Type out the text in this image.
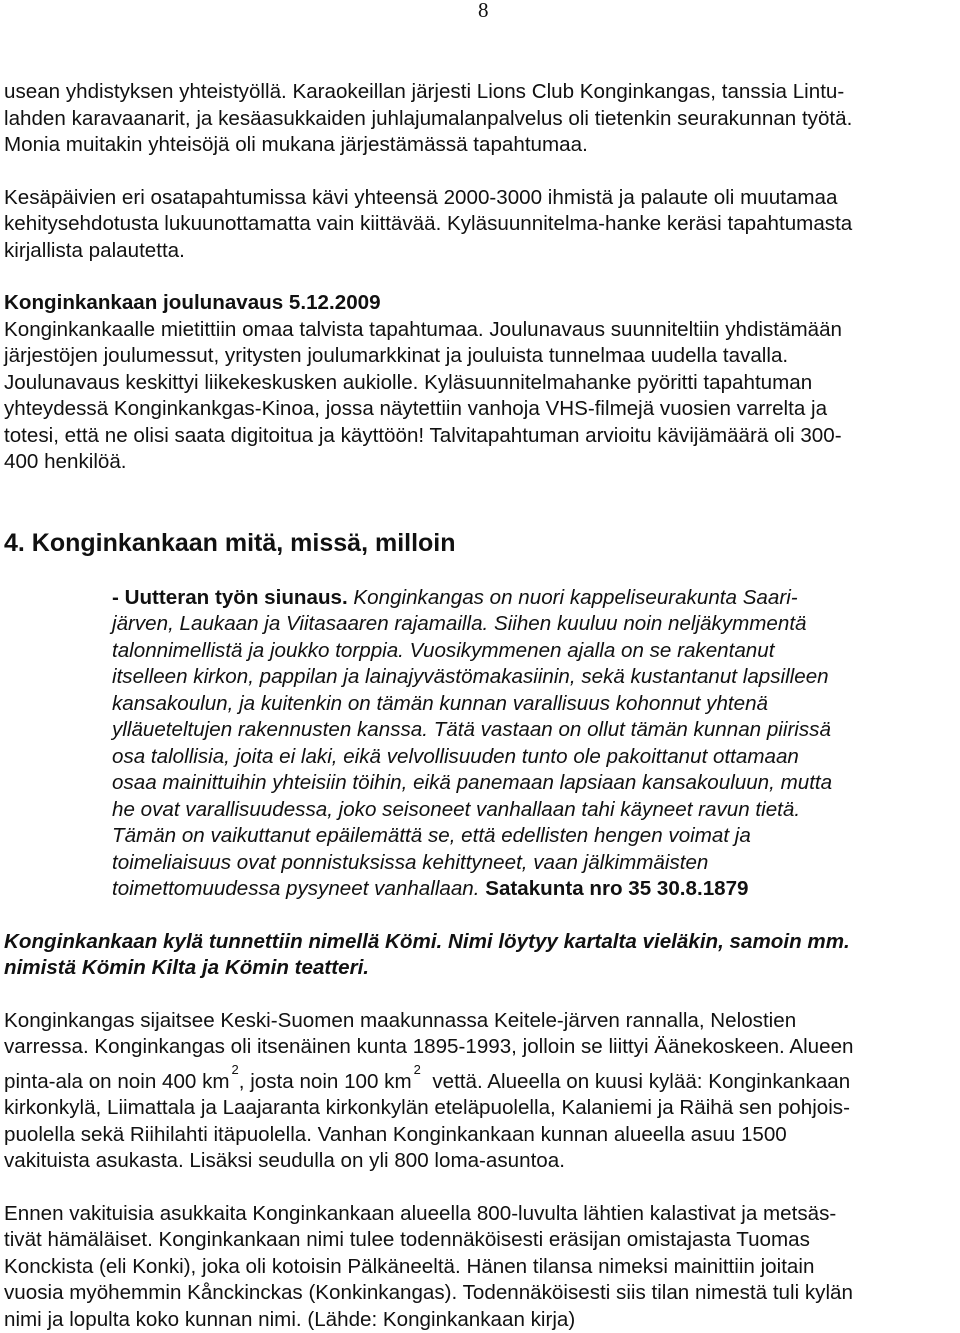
8

usean yhdistyksen yhteistyöllä. Karaokeillan järjesti Lions Club Konginkangas, tanssia Lintu-
lahden karavaanarit, ja kesäasukkaiden juhlajumalanpalvelus oli tietenkin seurakunnan työtä.
Monia muitakin yhteisöjä oli mukana järjestämässä tapahtumaa.

Kesäpäivien eri osatapahtumissa kävi yhteensä 2000-3000 ihmistä ja palaute oli muutamaa
kehitysehdotusta lukuunottamatta vain kiittävää. Kyläsuunnitelma-hanke keräsi tapahtumasta
kirjallista palautetta.

Konginkankaan joulunavaus 5.12.2009
Konginkankaalle mietittiin omaa talvista tapahtumaa. Joulunavaus suunniteltiin yhdistämään
järjestöjen joulumessut, yritysten joulumarkkinat ja jouluista tunnelmaa uudella tavalla.
Joulunavaus keskittyi liikekeskusken aukiolle. Kyläsuunnitelmahanke pyöritti tapahtuman
yhteydessä Konginkankgas-Kinoa, jossa näytettiin vanhoja VHS-filmejä vuosien varrelta ja
totesi, että ne olisi saata digitoitua ja käyttöön! Talvitapahtuman arvioitu kävijämäärä oli 300-
400 henkilöä.

4. Konginkankaan mitä, missä, milloin
- Uutteran työn siunaus. Konginkangas on nuori kappeliseurakunta Saari-
järven, Laukaan ja Viitasaaren rajamailla. Siihen kuuluu noin neljäkymmentä
talonnimellistä ja joukko torppia. Vuosikymmenen ajalla on se rakentanut
itselleen kirkon, pappilan ja lainajyvästömakasiinin, sekä kustantanut lapsilleen
kansakoulun, ja kuitenkin on tämän kunnan varallisuus kohonnut yhtenä
ylläueteltujen rakennusten kanssa. Tätä vastaan on ollut tämän kunnan piirissä
osa talollisia, joita ei laki, eikä velvollisuuden tunto ole pakoittanut ottamaan
osaa mainittuihin yhteisiin töihin, eikä panemaan lapsiaan kansakouluun, mutta
he ovat varallisuudessa, joko seisoneet vanhallaan tahi käyneet ravun tietä.
Tämän on vaikuttanut epäilemättä se, että edellisten hengen voimat ja
toimeliaisuus ovat ponnistuksissa kehittyneet, vaan jälkimmäisten
toimettomuudessa pysyneet vanhallaan. Satakunta nro 35 30.8.1879

Konginkankaan kylä tunnettiin nimellä Kömi. Nimi löytyy kartalta vieläkin, samoin mm.
nimistä Kömin Kilta ja Kömin teatteri.

Konginkangas sijaitsee Keski-Suomen maakunnassa Keitele-järven rannalla, Nelostien
varressa. Konginkangas oli itsenäinen kunta 1895-1993, jolloin se liittyi Äänekoskeen. Alueen
pinta-ala on noin 400 $km^2$, josta noin 100 $km^2$  vettä. Alueella on kuusi kylää: Konginkankaan
kirkonkylä, Liimattala ja Laajaranta kirkonkylän eteläpuolella, Kalaniemi ja Räihä sen pohjois-
puolella sekä Riihilahti itäpuolella. Vanhan Konginkankaan kunnan alueella asuu 1500
vakituista asukasta. Lisäksi seudulla on yli 800 loma-asuntoa.

Ennen vakituisia asukkaita Konginkankaan alueella 800-luvulta lähtien kalastivat ja metsäs-
tivät hämäläiset. Konginkankaan nimi tulee todennäköisesti eräsijan omistajasta Tuomas
Konckista (eli Konki), joka oli kotoisin Pälkäneeltä. Hänen tilansa nimeksi mainittiin joitain
vuosia myöhemmin Kånckinckas (Konkinkangas). Todennäköisesti siis tilan nimestä tuli kylän
nimi ja lopulta koko kunnan nimi. (Lähde: Konginkankaan kirja)
